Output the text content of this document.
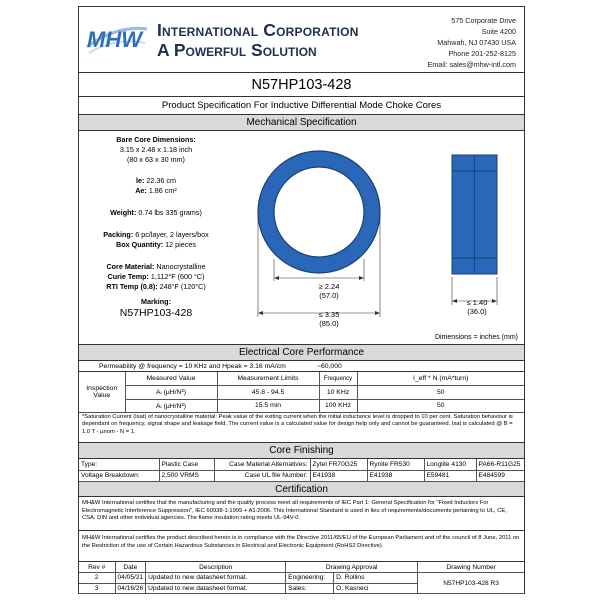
MHW International Corporation
A Powerful Solution
575 Corporate Drive
Suite 4200
Mahwah, NJ 07430 USA
Phone 201-252-8125
Email: sales@mhw-intl.com
N57HP103-428
Product Specification For Inductive Differential Mode Choke Cores
Mechanical Specification
Bare Core Dimensions:
3.15 x 2.48 x 1.18 inch
(80 x 63 x 30 mm)
le: 22.36 cm
Ae: 1.86 cm²
Weight: 0.74 lbs 335 grams)
Packing: 6 pc/layer, 2 layers/box
Box Quantity: 12 pieces
Core Material: Nanocrystalline
Curie Temp: 1,112°F (600 °C)
RTI Temp (0.8): 248°F (120°C)
Marking:
N57HP103-428
≥ 2.24
(57.0)
≤ 3.35
(85.0)
≤ 1.40
(36.0)
Dimensions = inches (mm)
Electrical Core Performance
Permeability @ frequency = 10 KHz and Hpeak = 3.16 mA/cm	~60,000
Inspection
Value	Measured Value	Measurement Limits	Frequency	I_eff * N (mA*turn)
	Aₗ (μH/N²)	45.8 - 94.5	10 KHz	50
	Aₗ (μH/N²)	15.5 min	100 KHz	50
*Saturation Current (Isat) of nanocrystalline material: Peak value of the exiting current when the initial inductance level is dropped to 10 per cent. Saturation behaviour is dependant on frequency, signal shape and leakage field. The current value is a calculated value for design help only and cannot be guaranteed. Isat is calculated @ B = 1.0 T - µnom - N = 1.
Core Finishing
Type:	Plastic Case	Case Material Alternatives:	Zytel FR70G25	Rynite FR530	Longlite 4130	PA66-R11G25
Voltage Breakdown:	2,500 VRMS	Case UL file Number:	E41938	E41938	E59481	E484599
Certification
MH&W International certifies that the manufacturing and the quality process meet all requirements of IEC Part 1: General Specification for "Fixed Inductors For Electromagnetic Interference Suppression", IEC 60938-1:1999 + A1:2006. This International Standard is used in lieu of requirements/documents pertaining to UL, CE, CSA, DIN and other individual agencies. The flame insulation rating meets UL-94V-0.
MH&W International certifies the product described herein is in compliance with the Directive 2011/65/EU of the European Parliament and of the council of 8 June, 2011 on the Restriction of the use of Certain Hazardous Substances in Electrical and Electronic Equipment (RoHS2 Directive).
Rev #	Date	Description	Drawing Approval		Drawing Number
2	04/05/21	Updated to new datasheet format.	Engineering:	D. Rollins	N57HP103-428 R3
3	04/16/26	Updated to new datasheet format.	Sales:	O. Kasneci	
